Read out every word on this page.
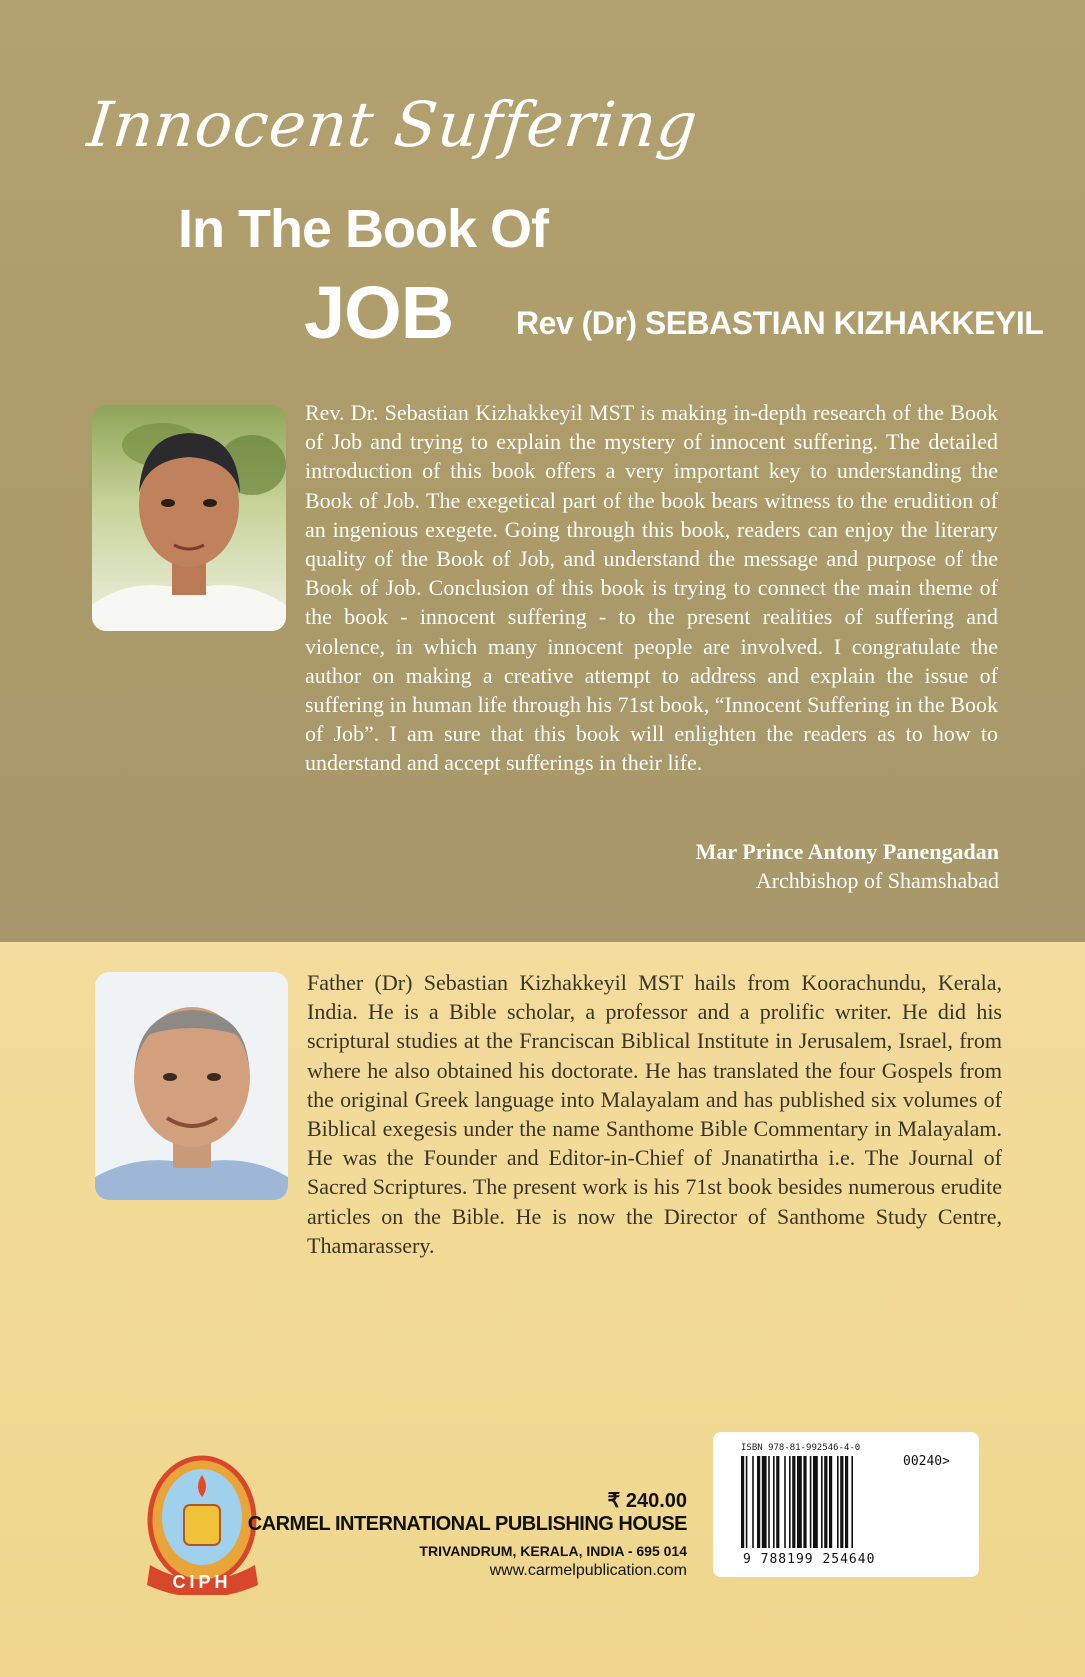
Innocent Suffering
In The Book Of
JOB Rev (Dr) SEBASTIAN KIZHAKKEYIL
Rev. Dr. Sebastian Kizhakkeyil MST is making in-depth research of the Book of Job and trying to explain the mystery of innocent suffering. The detailed introduction of this book offers a very important key to understanding the Book of Job. The exegetical part of the book bears witness to the erudition of an ingenious exegete. Going through this book, readers can enjoy the literary quality of the Book of Job, and understand the message and purpose of the Book of Job. Conclusion of this book is trying to connect the main theme of the book - innocent suffering - to the present realities of suffering and violence, in which many innocent people are involved. I congratulate the author on making a creative attempt to address and explain the issue of suffering in human life through his 71st book, “Innocent Suffering in the Book of Job”. I am sure that this book will enlighten the readers as to how to understand and accept sufferings in their life.
Mar Prince Antony Panengadan
Archbishop of Shamshabad
Father (Dr) Sebastian Kizhakkeyil MST hails from Koorachundu, Kerala, India. He is a Bible scholar, a professor and a prolific writer. He did his scriptural studies at the Franciscan Biblical Institute in Jerusalem, Israel, from where he also obtained his doctorate. He has translated the four Gospels from the original Greek language into Malayalam and has published six volumes of Biblical exegesis under the name Santhome Bible Commentary in Malayalam. He was the Founder and Editor-in-Chief of Jnanatirtha i.e. The Journal of Sacred Scriptures. The present work is his 71st book besides numerous erudite articles on the Bible. He is now the Director of Santhome Study Centre, Thamarassery.
CIPH
₹ 240.00
CARMEL INTERNATIONAL PUBLISHING HOUSE
TRIVANDRUM, KERALA, INDIA - 695 014
www.carmelpublication.com
ISBN 978-81-992546-4-0
00240>
9 788199 254640
